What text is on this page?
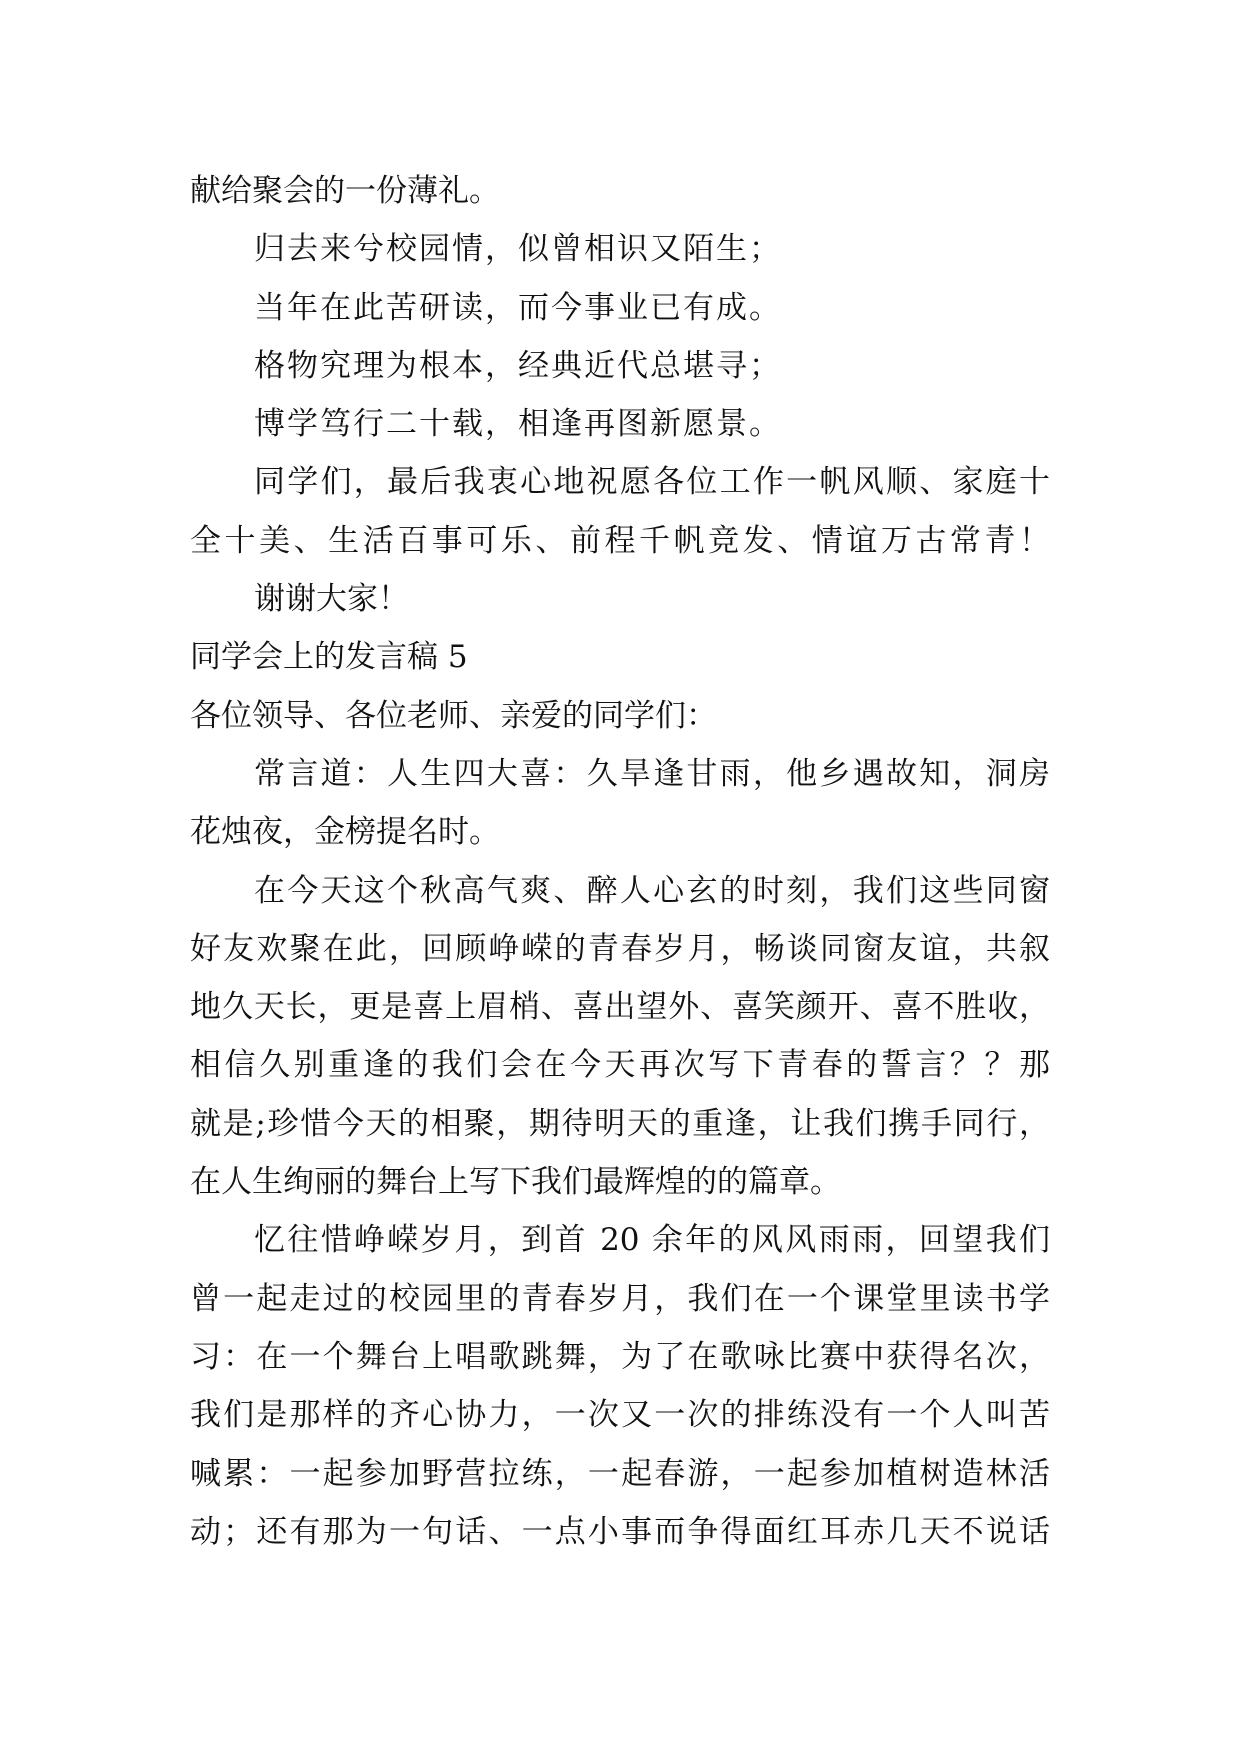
献给聚会的一份薄礼。

归去来兮校园情，似曾相识又陌生；

当年在此苦研读，而今事业已有成。

格物究理为根本，经典近代总堪寻；

博学笃行二十载，相逢再图新愿景。

同学们，最后我衷心地祝愿各位工作一帆风顺、家庭十

全十美、生活百事可乐、前程千帆竞发、情谊万古常青！

谢谢大家！

同学会上的发言稿 5

各位领导、各位老师、亲爱的同学们：

常言道：人生四大喜：久旱逢甘雨，他乡遇故知，洞房

花烛夜，金榜提名时。

在今天这个秋高气爽、醉人心玄的时刻，我们这些同窗

好友欢聚在此，回顾峥嵘的青春岁月，畅谈同窗友谊，共叙

地久天长，更是喜上眉梢、喜出望外、喜笑颜开、喜不胜收，

相信久别重逢的我们会在今天再次写下青春的誓言？？那

就是;珍惜今天的相聚，期待明天的重逢，让我们携手同行，

在人生绚丽的舞台上写下我们最辉煌的的篇章。

忆往惜峥嵘岁月，到首 20 余年的风风雨雨，回望我们

曾一起走过的校园里的青春岁月，我们在一个课堂里读书学

习：在一个舞台上唱歌跳舞，为了在歌咏比赛中获得名次，

我们是那样的齐心协力，一次又一次的排练没有一个人叫苦

喊累：一起参加野营拉练，一起春游，一起参加植树造林活

动；还有那为一句话、一点小事而争得面红耳赤几天不说话
